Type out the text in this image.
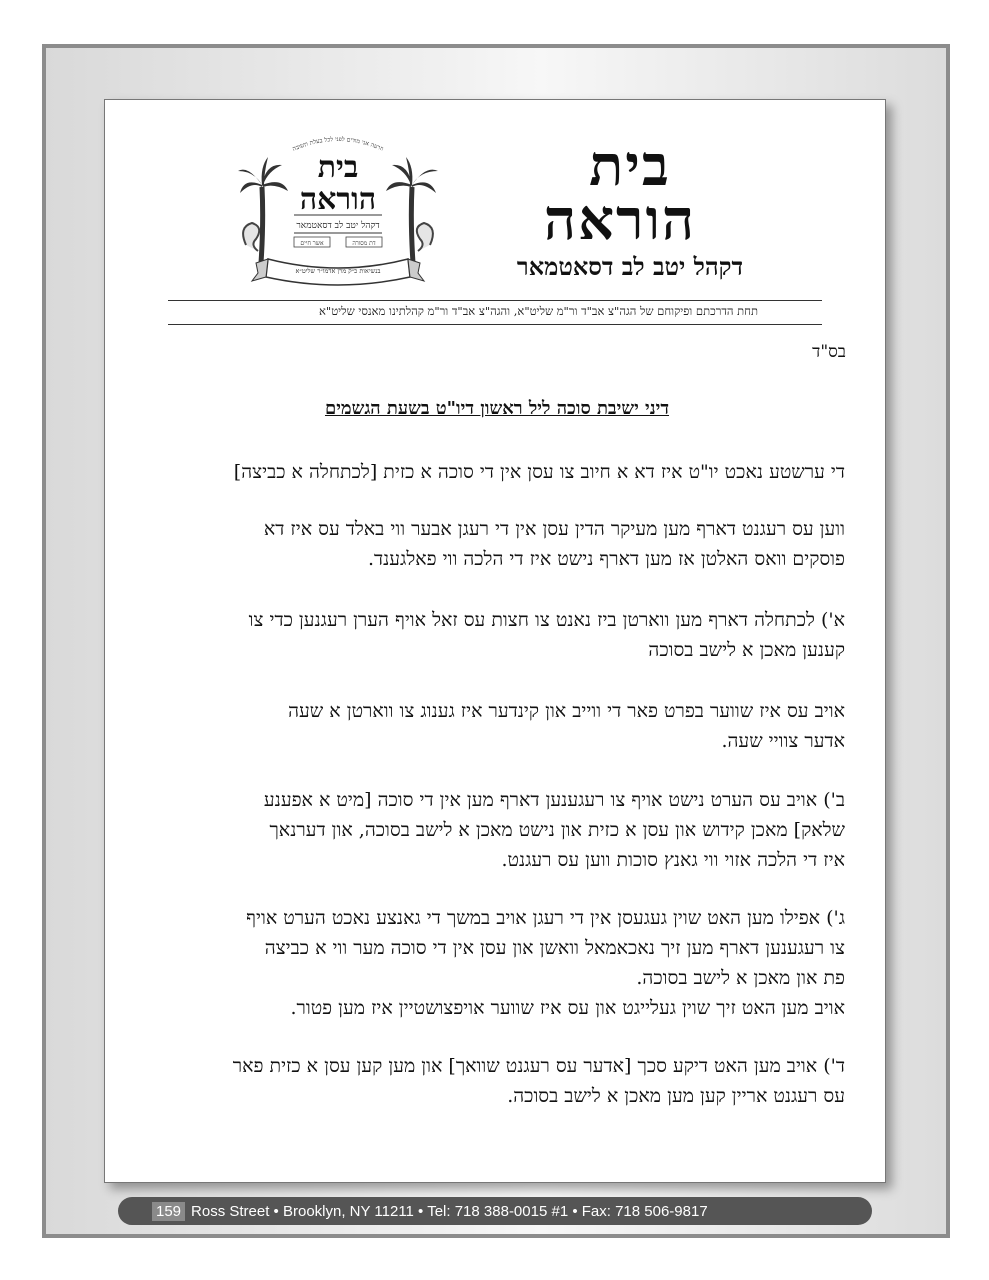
וזרעה אני מודים לפני לכל בעלת תשובה
בית
הוראה
דקהל יטב לב דסאטמאר
אשר חיים	דת מסורה
בנשיאות כ״ק מרן אדמו״ר שליט״א
בית
הוראה
דקהל יטב לב דסאטמאר
תחת הדרכתם ופיקוחם של הגה"צ אב"ד ור"מ שליט"א, והגה"צ אב"ד ור"מ קהלתינו מאנסי שליט"א
בס"ד
דיני ישיבת סוכה ליל ראשון דיו"ט בשעת הגשמים

די ערשטע נאכט יו"ט איז דא א חיוב צו עסן אין די סוכה א כזית [לכתחלה א כביצה]

ווען עס רעגנט דארף מען מעיקר הדין עסן אין די רעגן אבער ווי באלד עס איז דא

פוסקים וואס האלטן אז מען דארף נישט איז די הלכה ווי פאלגענד.

א') לכתחלה דארף מען ווארטן ביז נאנט צו חצות עס זאל אויף הערן רעגנען כדי צו

קענען מאכן א לישב בסוכה

אויב עס איז שווער בפרט פאר די ווייב און קינדער איז גענוג צו ווארטן א שעה

אדער צוויי שעה.

ב') אויב עס הערט נישט אויף צו רעגענען דארף מען אין די סוכה [מיט א אפענע

שלאק] מאכן קידוש און עסן א כזית און נישט מאכן א לישב בסוכה, און דערנאך

איז די הלכה אזוי ווי גאנץ סוכות ווען עס רעגנט.

ג') אפילו מען האט שוין געגעסן אין די רעגן אויב במשך די גאנצע נאכט הערט אויף

צו רעגענען דארף מען זיך נאכאמאל וואשן און עסן אין די סוכה מער ווי א כביצה

פת און מאכן א לישב בסוכה.

אויב מען האט זיך שוין געלייגט און עס איז שווער אויפצושטיין איז מען פטור.

ד') אויב מען האט דיקע סכך [אדער עס רעגנט שוואך] און מען קען עסן א כזית פאר

עס רעגנט אריין קען מען מאכן א לישב בסוכה.

159 Ross Street • Brooklyn, NY 11211 • Tel: 718 388-0015 #1 • Fax: 718 506-9817
